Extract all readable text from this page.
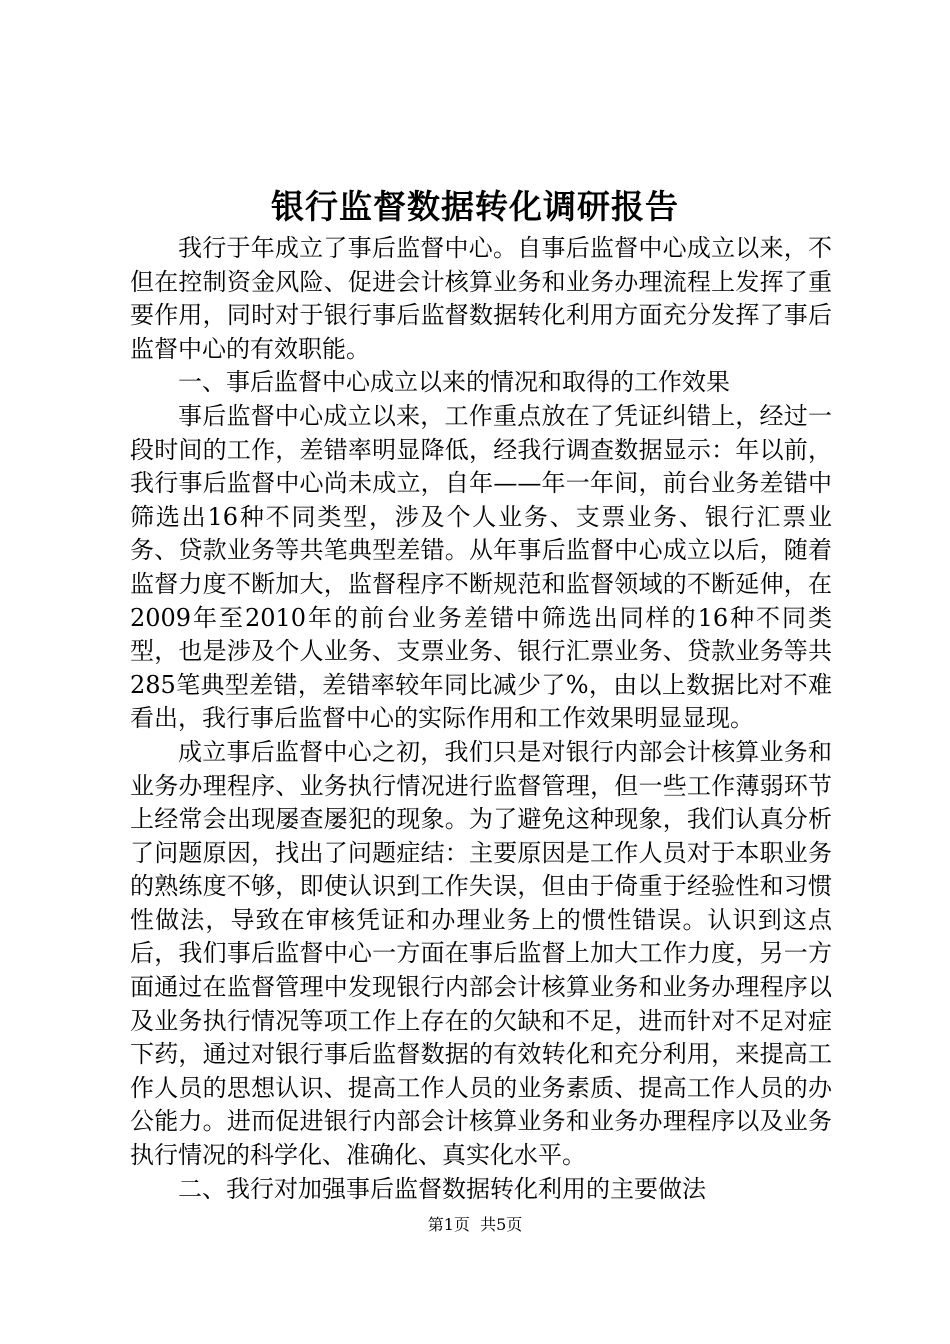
银行监督数据转化调研报告

我行于年成立了事后监督中心。自事后监督中心成立以来，不但在控制资金风险、促进会计核算业务和业务办理流程上发挥了重要作用，同时对于银行事后监督数据转化利用方面充分发挥了事后监督中心的有效职能。

一、事后监督中心成立以来的情况和取得的工作效果

事后监督中心成立以来，工作重点放在了凭证纠错上，经过一段时间的工作，差错率明显降低，经我行调查数据显示：年以前，我行事后监督中心尚未成立，自年——年一年间，前台业务差错中筛选出16种不同类型，涉及个人业务、支票业务、银行汇票业务、贷款业务等共笔典型差错。从年事后监督中心成立以后，随着监督力度不断加大，监督程序不断规范和监督领域的不断延伸，在2009年至2010年的前台业务差错中筛选出同样的16种不同类型，也是涉及个人业务、支票业务、银行汇票业务、贷款业务等共285笔典型差错，差错率较年同比减少了%，由以上数据比对不难看出，我行事后监督中心的实际作用和工作效果明显显现。

成立事后监督中心之初，我们只是对银行内部会计核算业务和业务办理程序、业务执行情况进行监督管理，但一些工作薄弱环节上经常会出现屡查屡犯的现象。为了避免这种现象，我们认真分析了问题原因，找出了问题症结：主要原因是工作人员对于本职业务的熟练度不够，即使认识到工作失误，但由于倚重于经验性和习惯性做法，导致在审核凭证和办理业务上的惯性错误。认识到这点后，我们事后监督中心一方面在事后监督上加大工作力度，另一方面通过在监督管理中发现银行内部会计核算业务和业务办理程序以及业务执行情况等项工作上存在的欠缺和不足，进而针对不足对症下药，通过对银行事后监督数据的有效转化和充分利用，来提高工作人员的思想认识、提高工作人员的业务素质、提高工作人员的办公能力。进而促进银行内部会计核算业务和业务办理程序以及业务执行情况的科学化、准确化、真实化水平。

二、我行对加强事后监督数据转化利用的主要做法

第1页  共5页
